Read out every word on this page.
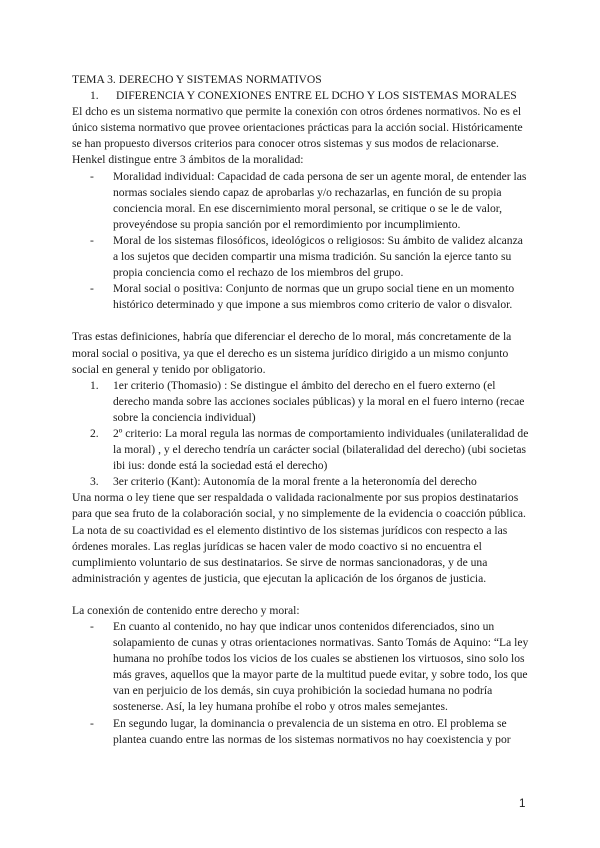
TEMA 3. DERECHO Y SISTEMAS NORMATIVOS

1.	DIFERENCIA Y CONEXIONES ENTRE EL DCHO Y LOS SISTEMAS MORALES

El dcho es un sistema normativo que permite la conexión con otros órdenes normativos. No es el único sistema normativo que provee orientaciones prácticas para la acción social. Históricamente se han propuesto diversos criterios para conocer otros sistemas y sus modos de relacionarse. Henkel distingue entre 3 ámbitos de la moralidad:

-	Moralidad individual: Capacidad de cada persona de ser un agente moral, de entender las normas sociales siendo capaz de aprobarlas y/o rechazarlas, en función de su propia conciencia moral. En ese discernimiento moral personal, se critique o se le de valor, proveyéndose su propia sanción por el remordimiento por incumplimiento.
-	Moral de los sistemas filosóficos, ideológicos o religiosos: Su ámbito de validez alcanza a los sujetos que deciden compartir una misma tradición. Su sanción la ejerce tanto su propia conciencia como el rechazo de los miembros del grupo.
-	Moral social o positiva: Conjunto de normas que un grupo social tiene en un momento histórico determinado y que impone a sus miembros como criterio de valor o disvalor.

Tras estas definiciones, habría que diferenciar el derecho de lo moral, más concretamente de la moral social o positiva, ya que el derecho es un sistema jurídico dirigido a un mismo conjunto social en general y tenido por obligatorio.

1.	1er criterio (Thomasio) : Se distingue el ámbito del derecho en el fuero externo (el derecho manda sobre las acciones sociales públicas) y la moral en el fuero interno (recae sobre la conciencia individual)
2.	2º criterio: La moral regula las normas de comportamiento individuales (unilateralidad de la moral) , y el derecho tendría un carácter social (bilateralidad del derecho) (ubi societas ibi ius: donde está la sociedad está el derecho)
3.	3er criterio (Kant): Autonomía de la moral frente a la heteronomía del derecho

Una norma o ley tiene que ser respaldada o validada racionalmente por sus propios destinatarios para que sea fruto de la colaboración social, y no simplemente de la evidencia o coacción pública.

La nota de su coactividad es el elemento distintivo de los sistemas jurídicos con respecto a las órdenes morales. Las reglas jurídicas se hacen valer de modo coactivo si no encuentra el cumplimiento voluntario de sus destinatarios. Se sirve de normas sancionadoras, y de una administración y agentes de justicia, que ejecutan la aplicación de los órganos de justicia.

La conexión de contenido entre derecho y moral:

-	En cuanto al contenido, no hay que indicar unos contenidos diferenciados, sino un solapamiento de cunas y otras orientaciones normativas. Santo Tomás de Aquino: “La ley humana no prohíbe todos los vicios de los cuales se abstienen los virtuosos, sino solo los más graves, aquellos que la mayor parte de la multitud puede evitar, y sobre todo, los que van en perjuicio de los demás, sin cuya prohibición la sociedad humana no podría sostenerse. Así, la ley humana prohíbe el robo y otros males semejantes.
-	En segundo lugar, la dominancia o prevalencia de un sistema en otro. El problema se plantea cuando entre las normas de los sistemas normativos no hay coexistencia y por
1
